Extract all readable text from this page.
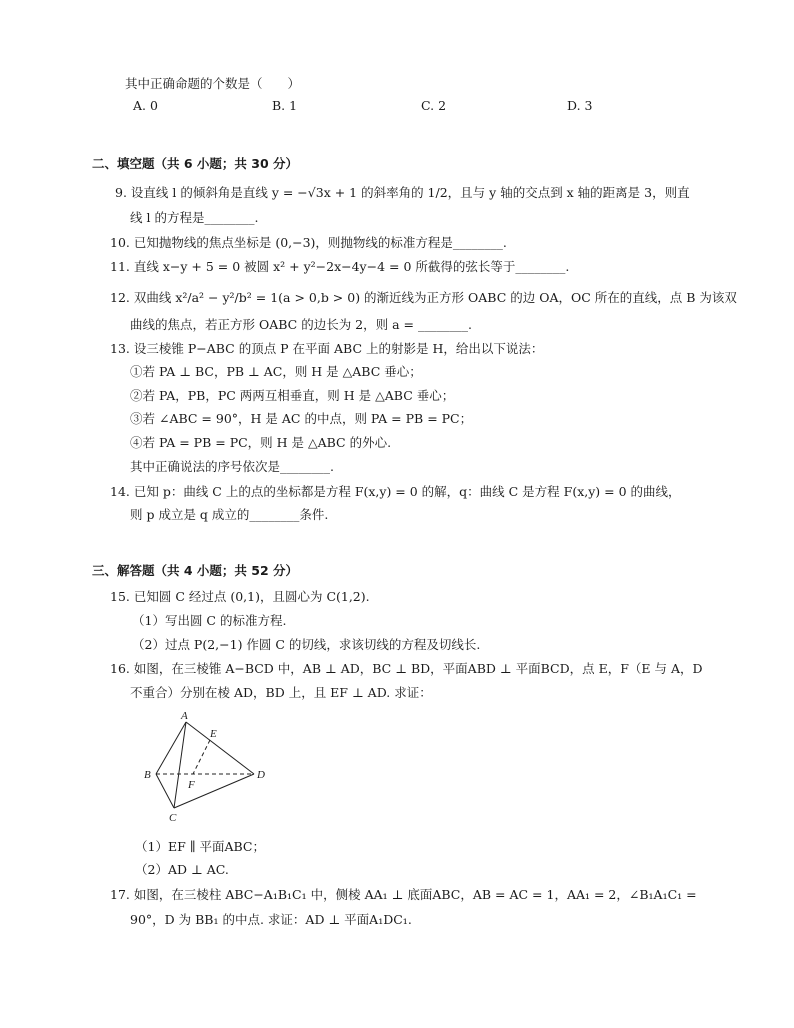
其中正确命题的个数是（　　）
A. 0	B. 1	C. 2	D. 3
二、填空题（共 6 小题；共 30 分）
9. 设直线 l 的倾斜角是直线 y = −√3x + 1 的斜率角的 1/2，且与 y 轴的交点到 x 轴的距离是 3，则直
线 l 的方程是________.
10. 已知抛物线的焦点坐标是 (0,−3)，则抛物线的标准方程是________.
11. 直线 x−y + 5 = 0 被圆 x² + y²−2x−4y−4 = 0 所截得的弦长等于________.
12. 双曲线 x²/a² − y²/b² = 1(a > 0,b > 0) 的渐近线为正方形 OABC 的边 OA，OC 所在的直线，点 B 为该双
曲线的焦点，若正方形 OABC 的边长为 2，则 a = ________.
13. 设三棱锥 P−ABC 的顶点 P 在平面 ABC 上的射影是 H，给出以下说法：
①若 PA ⊥ BC，PB ⊥ AC，则 H 是 △ABC 垂心；
②若 PA，PB，PC 两两互相垂直，则 H 是 △ABC 垂心；
③若 ∠ABC = 90°，H 是 AC 的中点，则 PA = PB = PC；
④若 PA = PB = PC，则 H 是 △ABC 的外心.
其中正确说法的序号依次是________.
14. 已知 p：曲线 C 上的点的坐标都是方程 F(x,y) = 0 的解，q：曲线 C 是方程 F(x,y) = 0 的曲线，
则 p 成立是 q 成立的________条件.
三、解答题（共 4 小题；共 52 分）
15. 已知圆 C 经过点 (0,1)，且圆心为 C(1,2).
（1）写出圆 C 的标准方程.
（2）过点 P(2,−1) 作圆 C 的切线，求该切线的方程及切线长.
16. 如图，在三棱锥 A−BCD 中，AB ⊥ AD，BC ⊥ BD，平面ABD ⊥ 平面BCD，点 E，F（E 与 A，D
不重合）分别在棱 AD，BD 上，且 EF ⊥ AD. 求证：
A
B
C
D
E
F
（1）EF ∥ 平面ABC；
（2）AD ⊥ AC.
17. 如图，在三棱柱 ABC−A₁B₁C₁ 中，侧棱 AA₁ ⊥ 底面ABC，AB = AC = 1，AA₁ = 2，∠B₁A₁C₁ =
90°，D 为 BB₁ 的中点. 求证：AD ⊥ 平面A₁DC₁.
